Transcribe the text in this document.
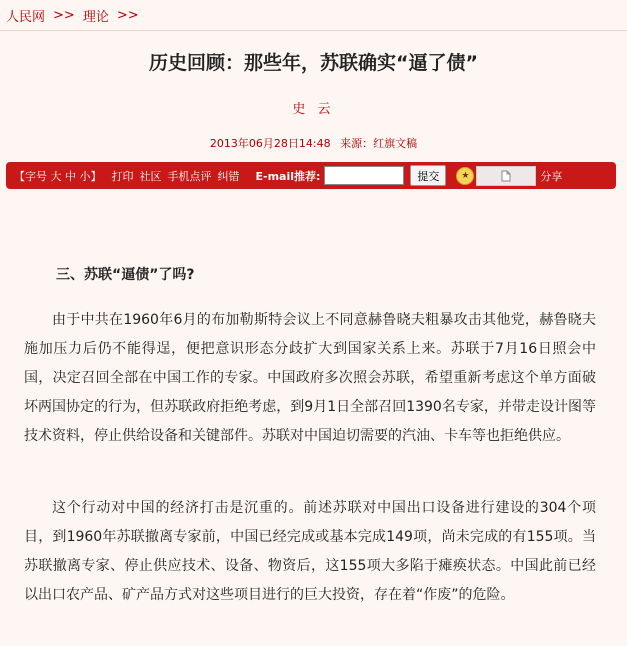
人民网 >> 理论 >>
历史回顾：那些年，苏联确实“逼了债”
史 云
2013年06月28日14:48 来源：红旗文稿
【字号 大 中 小】 打印 社区 手机点评 纠错 E-mail推荐:	提交	★	分享
三、苏联“逼债”了吗?
由于中共在1960年6月的布加勒斯特会议上不同意赫鲁晓夫粗暴攻击其他党，赫鲁晓夫施加压力后仍不能得逞，便把意识形态分歧扩大到国家关系上来。苏联于7月16日照会中国，决定召回全部在中国工作的专家。中国政府多次照会苏联，希望重新考虑这个单方面破坏两国协定的行为，但苏联政府拒绝考虑，到9月1日全部召回1390名专家，并带走设计图等技术资料，停止供给设备和关键部件。苏联对中国迫切需要的汽油、卡车等也拒绝供应。
这个行动对中国的经济打击是沉重的。前述苏联对中国出口设备进行建设的304个项目，到1960年苏联撤离专家前，中国已经完成或基本完成149项，尚未完成的有155项。当苏联撤离专家、停止供应技术、设备、物资后，这155项大多陷于瘫痪状态。中国此前已经以出口农产品、矿产品方式对这些项目进行的巨大投资，存在着“作废”的危险。
